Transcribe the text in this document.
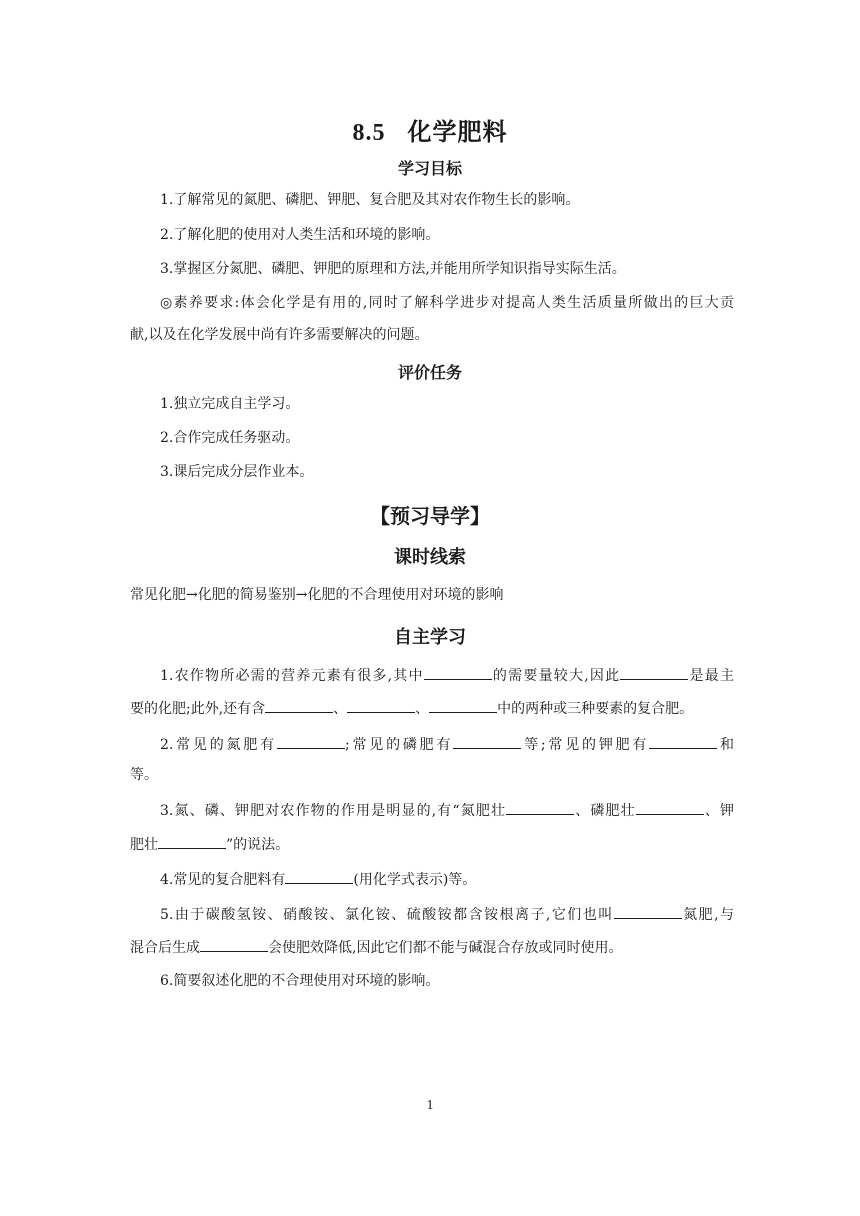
8.5 化学肥料
学习目标
1.了解常见的氮肥、磷肥、钾肥、复合肥及其对农作物生长的影响。
2.了解化肥的使用对人类生活和环境的影响。
3.掌握区分氮肥、磷肥、钾肥的原理和方法,并能用所学知识指导实际生活。
◎素养要求:体会化学是有用的,同时了解科学进步对提高人类生活质量所做出的巨大贡
献,以及在化学发展中尚有许多需要解决的问题。
评价任务
1.独立完成自主学习。
2.合作完成任务驱动。
3.课后完成分层作业本。
【预习导学】
课时线索
常见化肥→化肥的简易鉴别→化肥的不合理使用对环境的影响
自主学习
1.农作物所必需的营养元素有很多,其中	的需要量较大,因此	是最主
要的化肥;此外,还有含	、	、	中的两种或三种要素的复合肥。
2.常见的氮肥有	;常见的磷肥有	等;常见的钾肥有	和
等。
3.氮、磷、钾肥对农作物的作用是明显的,有“氮肥壮	、磷肥壮	、钾
肥壮	”的说法。
4.常见的复合肥料有	(用化学式表示)等。
5.由于碳酸氢铵、硝酸铵、氯化铵、硫酸铵都含铵根离子,它们也叫	氮肥,与
混合后生成	会使肥效降低,因此它们都不能与碱混合存放或同时使用。
6.简要叙述化肥的不合理使用对环境的影响。
1
